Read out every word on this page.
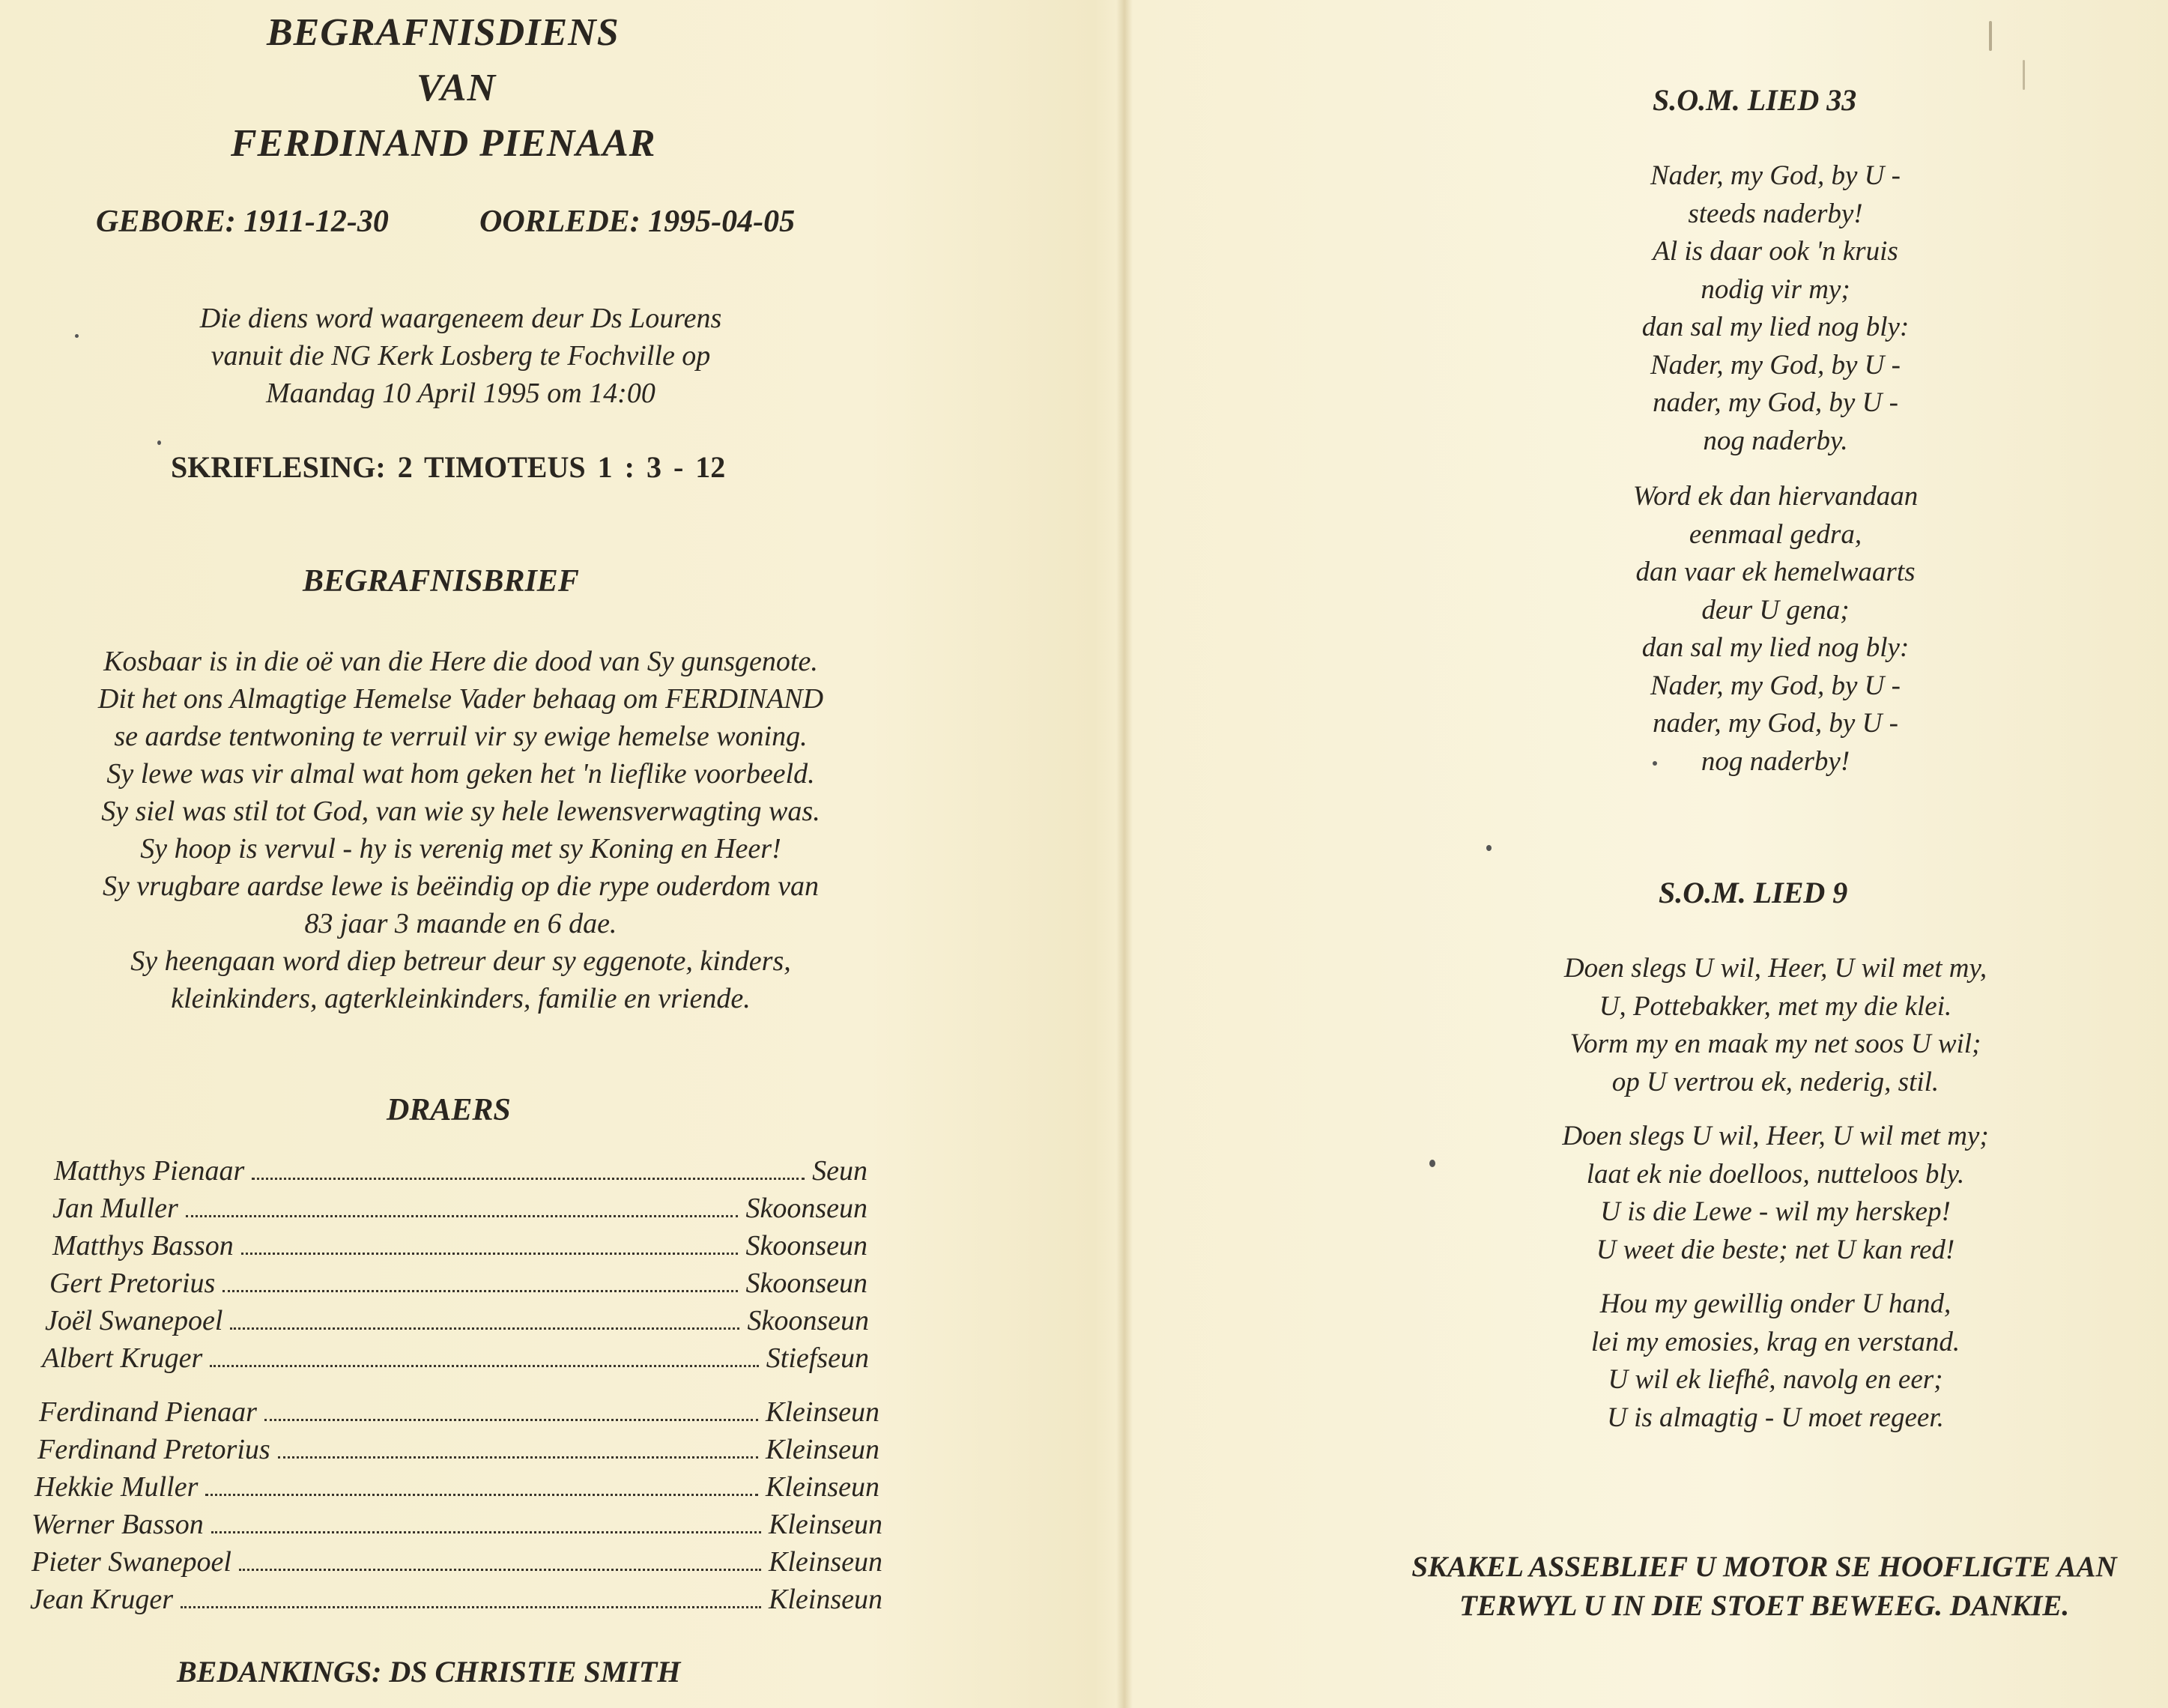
BEGRAFNISDIENS
VAN
FERDINAND PIENAAR
GEBORE: 1911-12-30	OORLEDE: 1995-04-05
Die diens word waargeneem deur Ds Lourens
vanuit die NG Kerk Losberg te Fochville op
Maandag 10 April 1995 om 14:00
SKRIFLESING: 2 TIMOTEUS 1 : 3 - 12
BEGRAFNISBRIEF
Kosbaar is in die oë van die Here die dood van Sy gunsgenote.
Dit het ons Almagtige Hemelse Vader behaag om FERDINAND
se aardse tentwoning te verruil vir sy ewige hemelse woning.
Sy lewe was vir almal wat hom geken het 'n lieflike voorbeeld.
Sy siel was stil tot God, van wie sy hele lewensverwagting was.
Sy hoop is vervul - hy is verenig met sy Koning en Heer!
Sy vrugbare aardse lewe is beëindig op die rype ouderdom van
83 jaar 3 maande en 6 dae.
Sy heengaan word diep betreur deur sy eggenote, kinders,
kleinkinders, agterkleinkinders, familie en vriende.
DRAERS
Matthys Pienaar	Seun
Jan Muller	Skoonseun
Matthys Basson	Skoonseun
Gert Pretorius	Skoonseun
Joël Swanepoel	Skoonseun
Albert Kruger	Stiefseun
Ferdinand Pienaar	Kleinseun
Ferdinand Pretorius	Kleinseun
Hekkie Muller	Kleinseun
Werner Basson	Kleinseun
Pieter Swanepoel	Kleinseun
Jean Kruger	Kleinseun
BEDANKINGS: DS CHRISTIE SMITH
S.O.M. LIED 33
Nader, my God, by U -
steeds naderby!
Al is daar ook 'n kruis
nodig vir my;
dan sal my lied nog bly:
Nader, my God, by U -
nader, my God, by U -
nog naderby.
Word ek dan hiervandaan
eenmaal gedra,
dan vaar ek hemelwaarts
deur U gena;
dan sal my lied nog bly:
Nader, my God, by U -
nader, my God, by U -
nog naderby!
S.O.M. LIED 9
Doen slegs U wil, Heer, U wil met my,
U, Pottebakker, met my die klei.
Vorm my en maak my net soos U wil;
op U vertrou ek, nederig, stil.
Doen slegs U wil, Heer, U wil met my;
laat ek nie doelloos, nutteloos bly.
U is die Lewe - wil my herskep!
U weet die beste; net U kan red!
Hou my gewillig onder U hand,
lei my emosies, krag en verstand.
U wil ek liefhê, navolg en eer;
U is almagtig - U moet regeer.
SKAKEL ASSEBLIEF U MOTOR SE HOOFLIGTE AAN
TERWYL U IN DIE STOET BEWEEG. DANKIE.
